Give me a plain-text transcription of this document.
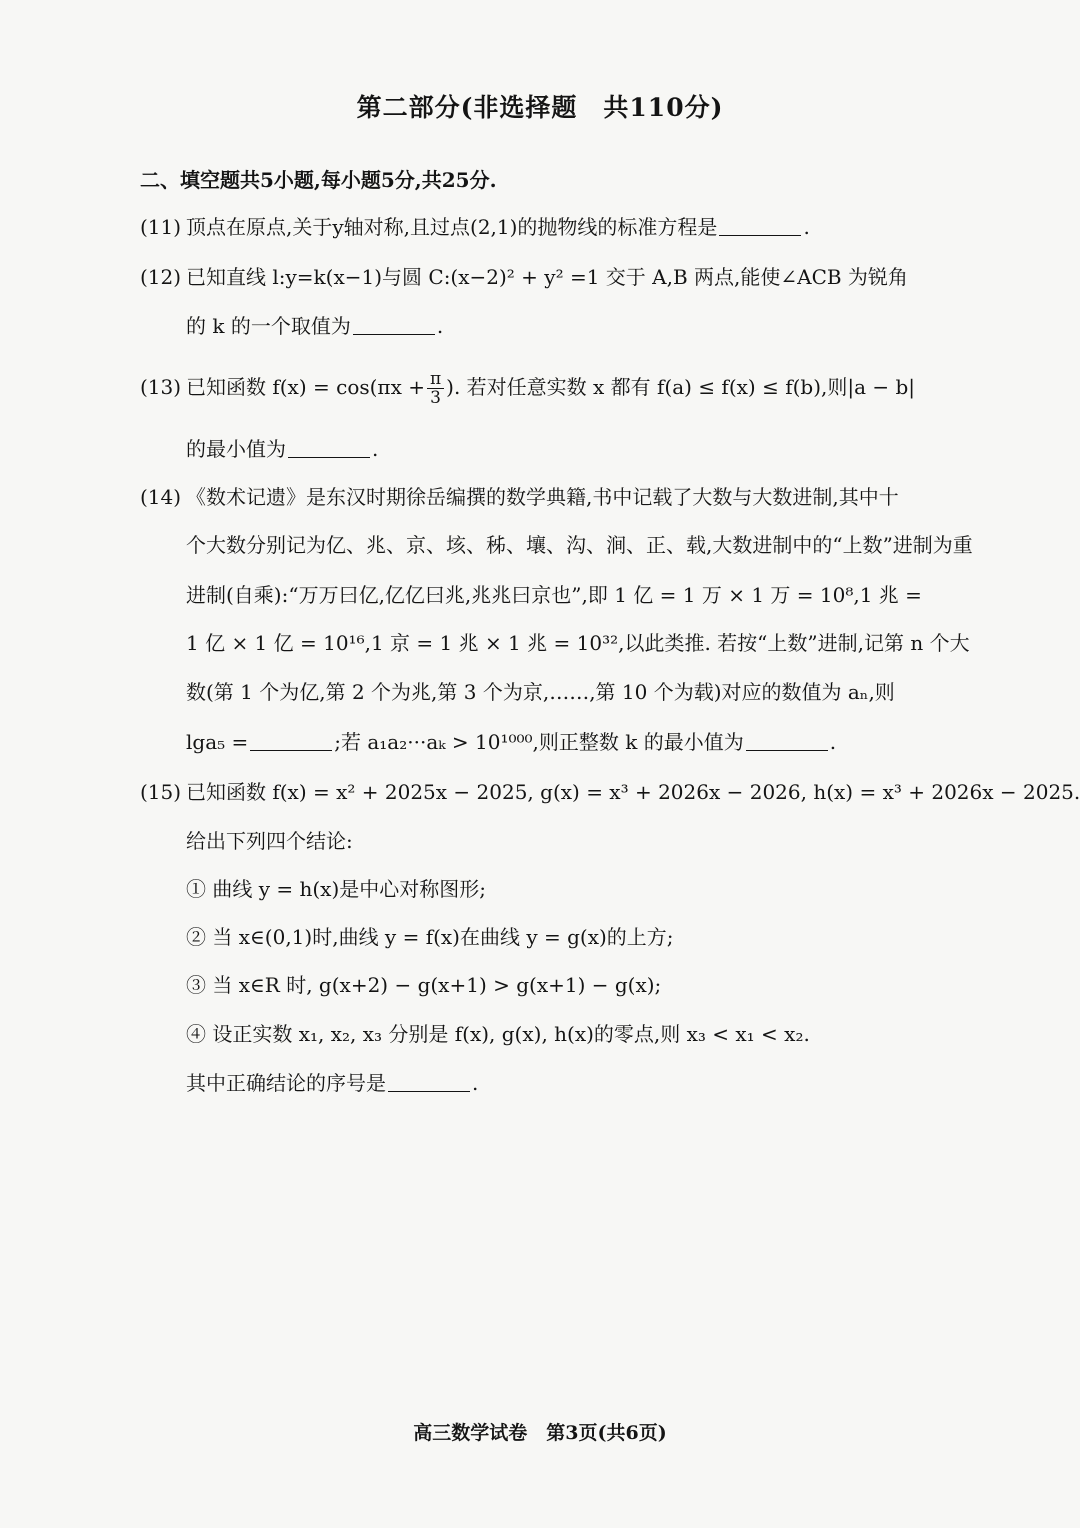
第二部分(非选择题　共110分)
二、填空题共5小题,每小题5分,共25分.
(11) 顶点在原点,关于y轴对称,且过点(2,1)的抛物线的标准方程是	.
(12) 已知直线 l:y=k(x−1)与圆 C:(x−2)² + y² =1 交于 A,B 两点,能使∠ACB 为锐角
的 k 的一个取值为	.
(13) 已知函数 $f(x) = \cos(\pi x + \frac{\pi}{3}$ ). 若对任意实数 x 都有 f(a) ≤ f(x) ≤ f(b),则|a − b|
的最小值为	.
(14) 《数术记遗》是东汉时期徐岳编撰的数学典籍,书中记载了大数与大数进制,其中十
个大数分别记为亿、兆、京、垓、秭、壤、沟、涧、正、载,大数进制中的“上数”进制为重
进制(自乘):“万万曰亿,亿亿曰兆,兆兆曰京也”,即 1 亿 = 1 万 × 1 万 = 10⁸,1 兆 =
1 亿 × 1 亿 = 10¹⁶,1 京 = 1 兆 × 1 兆 = 10³²,以此类推. 若按“上数”进制,记第 n 个大
数(第 1 个为亿,第 2 个为兆,第 3 个为京,……,第 10 个为载)对应的数值为 aₙ,则
lga₅ =	;若 a₁a₂···aₖ > 10¹⁰⁰⁰,则正整数 k 的最小值为	.
(15) 已知函数 f(x) = x² + 2025x − 2025, g(x) = x³ + 2026x − 2026, h(x) = x³ + 2026x − 2025.
给出下列四个结论:
① 曲线 y = h(x)是中心对称图形;
② 当 x∈(0,1)时,曲线 y = f(x)在曲线 y = g(x)的上方;
③ 当 x∈R 时, g(x+2) − g(x+1) > g(x+1) − g(x);
④ 设正实数 x₁, x₂, x₃ 分别是 f(x), g(x), h(x)的零点,则 x₃ < x₁ < x₂.
其中正确结论的序号是	.
高三数学试卷　第3页(共6页)
